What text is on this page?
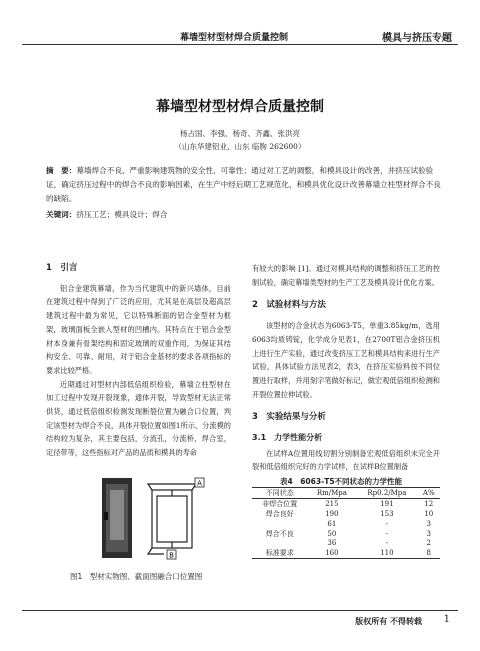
幕墙型材型材焊合质量控制	模具与挤压专题
幕墙型材型材焊合质量控制
杨占国、李强、杨奇、齐鑫、张洪亮
（山东华建铝业，山东 临朐 262600）
摘　要：幕墙焊合不良、严重影响建筑物的安全性、可靠性；通过对工艺的调整，和模具设计的改善，并挤压试验验证，确定挤压过程中的焊合不良的影响因素，在生产中经后期工艺规范化，和模具优化设计改善幕墙立柱型材焊合不良的缺陷。
关键词：挤压工艺；模具设计；焊合
1　引言

铝合金建筑幕墙，作为当代建筑中的新兴墙体，目前在建筑过程中得到了广泛的应用，尤其是在高层及超高层建筑过程中最为常见，它以特殊断面的铝合金型材为框架，玻璃面板全嵌入型材的凹槽内。其特点在于铝合金型材本身兼有骨架结构和固定玻璃的双重作用，为保证其结构安全、可靠、耐用，对于铝合金基材的要求各项指标的要求比较严格。

近期通过对型材内部低倍组织检验，幕墙立柱型材在加工过程中发现开裂现象，通体开裂，导致型材无法正常供货，通过低倍组织检测发现断裂位置为融合口位置，判定该型材为焊合不良，具体开裂位置如图1所示，分流模的结构较为复杂，其主要包括，分流孔，分流桥，焊合室，定径带等，这些指标对产品的品质和模具的寿命

有较大的影响 [1]。通过对模具结构的调整和挤压工艺的控制试验，确定幕墙类型材的生产工艺及模具设计优化方案。

2　试验材料与方法

该型材的合金状态为6063-T5，单重3.85kg/m，选用6063均质铸锭，化学成分见表1，在2700T铝合金挤压机上进行生产实验，通过改变挤压工艺和模具结构来进行生产试验，具体试验方法见表2，表3，在挤压实验料按不同位置进行取样，并用刻字笔做好标记，做宏观低倍组织检测和开裂位置拉伸试验。

3　实验结果与分析
3.1　力学性能分析

在试样A位置用线切割分别制备宏观低倍组织未完全开裂和低倍组织完好的力学试样，在试样B位置制备

A
B
图1　型材实物图、截面图融合口位置图
表4　6063-T5不同状态的力学性能
不同状态	Rm/Mpa	Rp0.2/Mpa	A%
非焊合位置	215	191	12
焊合良好	190	153	10
	61	-	3
焊合不良	50	-	3
	36	-	2
标准要求	160	110	8
版权所有 不得转载 1
